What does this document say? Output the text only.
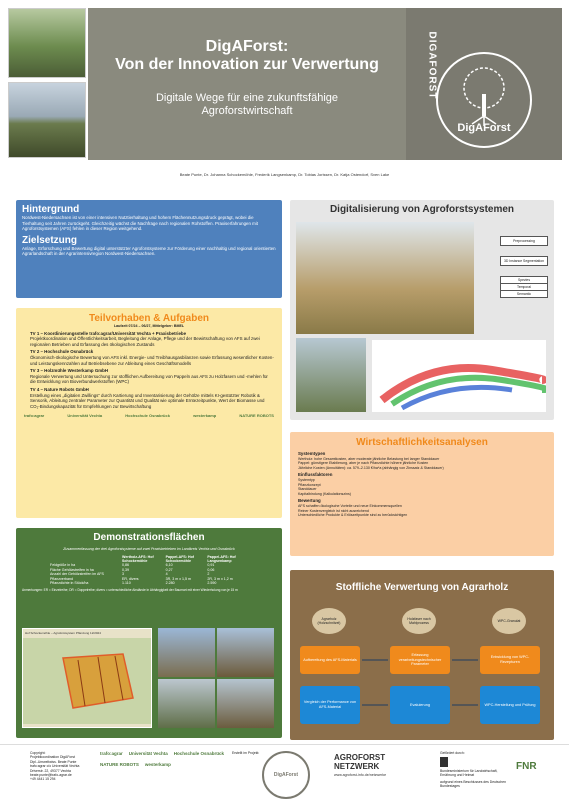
DigAForst:
Von der Innovation zur Verwertung
Digitale Wege für eine zukunftsfähige
Agroforstwirtschaft
DIGAFORST
DigAForst
Beate Punte, Dr. Johanna Schockemöhle, Frederik Langsenkamp, Dr. Tobias Jorissen, Dr. Katja Ostendorf, Sven Lake
Hintergrund
Nordwest-Niedersachsen ist von einer intensiven Nutztierhaltung und hohem Flächennutzungsdruck geprägt, wobei die Tierhaltung seit Jahren zurückgeht. Gleichzeitig wächst die Nachfrage nach regionalen Rohstoffen. Praxiserfahrungen mit Agroforstsystemen (AFS) fehlen in dieser Region weitgehend.
Zielsetzung
Anlage, Erforschung und Bewertung digital unterstützter Agroforstsysteme zur Förderung einer nachhaltig und regional orientierten Agrarlandschaft in der Agrarintensivregion Nordwest-Niedersachsen.
Teilvorhaben & Aufgaben
Laufzeit 07/24 – 06/27, Mittelgeber: BMEL
TV 1 – Koordinierungsstelle trafo:agrar/Universität Vechta + Praxisbetriebe
Projektkoordination und Öffentlichkeitsarbeit, Begleitung der Anlage, Pflege und der Bewirtschaftung von AFS auf zwei regionalen Betrieben und Erfassung des ökologischen Zustands
TV 2 – Hochschule Osnabrück
Ökonomisch-ökologische Bewertung von AFS inkl. Energie- und Treibhausgasbilanzen sowie Erfassung wesentlicher Kosten- und Leistungskennzahlen auf Betriebsebene zur Ableitung eines Geschäftsmodells
TV 3 – Holzmühle Westerkamp GmbH
Regionale Verwertung und Untersuchung zur stofflichen Aufbereitung von Pappeln aus AFS zu Holzfasern und -mehlen für die Entwicklung von Bioverbundwerkstoffen (WPC)
TV 4 – Nature Robots GmbH
Erstellung eines „digitalen Zwillings“ durch Kartierung und Inventarisierung der Gehölze mittels KI-gestützter Robotik & Sensorik, Ableitung zentraler Parameter zur Quantität und Qualität wie optimale Erntezeitpunkte, Wert der Biomasse und CO₂-Bindungskapazität für Empfehlungen zur Bewirtschaftung
trafo:agrar	Universität Vechta	Hochschule Osnabrück	westerkamp	NATURE ROBOTS
Demonstrationsflächen
Zusammenfassung der drei Agroforstsysteme auf zwei Praxisbetrieben im Landkreis Vechta und Osnabrück
	Wertholz-AFS: Hof Schockemöhle	Pappel-AFS: Hof Schockemöhle	Pappel-AFS: Hof Langsenkamp
Feldgröße in ha	0,86	6,10	0,91
Fläche Gehölzstreifen in ha	0,39	0,27	0,06
Anzahl der Gehölzstreifen im AFS	3	4	2
Pflanzverband	ER, divers	3R, 3 m x 1,5 m	2R, 3 m x 1,2 m
Pflanzdichte in Stück/ha	1.110	2.280	2.590
Anmerkungen: ER = Einzelreihe; DR = Doppelreihe; divers = unterschiedliche Abstände in Abhängigkeit der Baumart mit einer Wiederholung von je 15 m
Hof Schockemöhle – Agroforstsystem Pflanzung 12/2024
Digitalisierung von Agroforstsystemen
Preprocessing
3D Instance Segmentation
Spezies
Temporal
Semantic
Wirtschaftlichkeitsanalysen
Systemtypen
Wertholz: hohe Gesamtkosten, aber moderate jährliche Belastung bei langer Standdauer
Pappel: günstigere Etablierung, aber je nach Pflanzdichte höhere jährliche Kosten
Jährliche Kosten (Annuitäten): ca. 579–2.130 €/ha*a (abhängig von Zinssatz & Standdauer)
Einflussfaktoren
Systemtyp
Pflanzkonzept
Standdauer
Kapitalbindung (Kalkulationszins)
Bewertung
AFS schaffen ökologische Vorteile und neue Einkommensquellen
Reiner Kostenvergleich ist nicht ausreichend
Unterschiedliche Produkte & Erlöszeitpunkte sind zu berücksichtigen
Stoffliche Verwertung von Agrarholz
Agrarholz (Holzschnitzel)
Holzfaser nach Mahlprozess	WPC-Granulat
Aufbereitung des AFS-Materials
Erfassung verarbeitungstechnischer Parameter
Entwicklung von WPC-Rezepturen
Vergleich der Performance von AFS-Material
Evaluierung	WPC-Herstellung und Prüfung
Copyright:
Projektkoordination DigAForst
Dipl.-Umweltwiss. Beate Punte
trafo:agrar c/o Universität Vechta
Driverstr. 22, 49377 Vechta
beate.punte@trafo-agrar.de
+49 4441 15 294
trafo:agrar Universität Vechta Hochschule Osnabrück
NATURE ROBOTS westerkamp
Erstellt im Projekt:
DigAForst
AGROFORST
NETZWERK
www.agroforst-info.de/netzwerke
Gefördert durch:
Bundesministerium für Landwirtschaft, Ernährung und Heimat
aufgrund eines Beschlusses des Deutschen Bundestages
FNR
